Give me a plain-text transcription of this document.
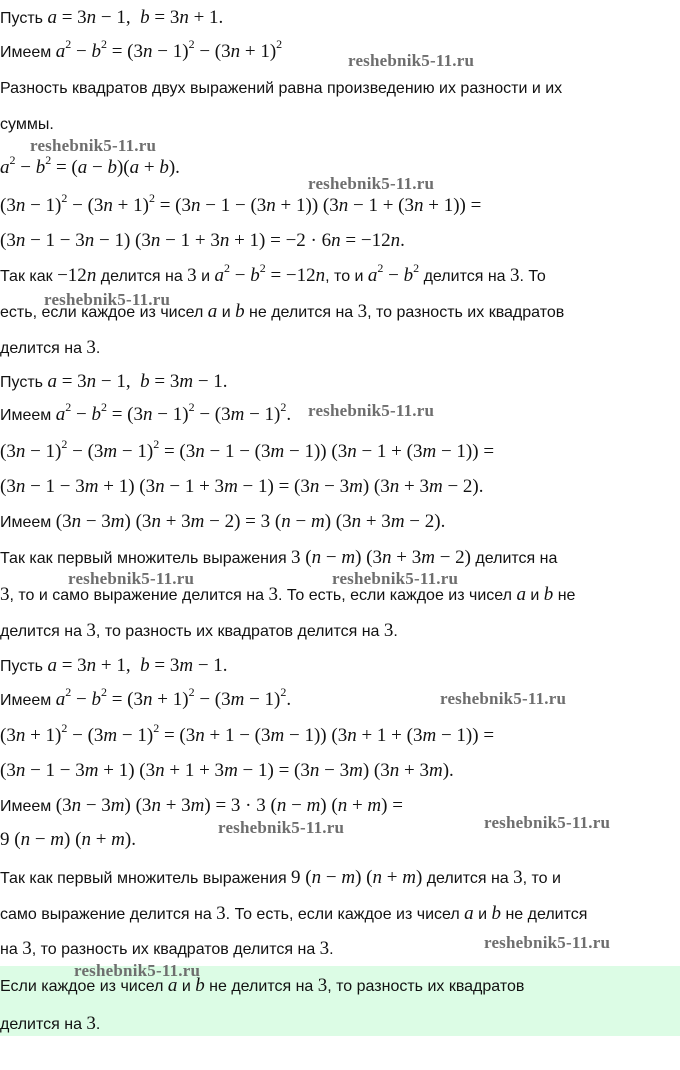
Пусть a = 3n − 1,  b = 3n + 1.
Имеем $a^2 - b^2 = (3n - 1)^2 - (3n + 1)^2$
Разность квадратов двух выражений равна произведению их разности и их
суммы.
$a^2 - b^2 = (a - b)(a + b)$.
$(3n - 1)^2 - (3n + 1)^2 = (3n - 1 - (3n + 1))$ (3n − 1 + (3n + 1)) =
(3n − 1 − 3n − 1) (3n − 1 + 3n + 1) = −2 · 6n = −12n.
Так как −12n делится на 3 и $a^2 - b^2 = -12n$, то и $a^2 - b^2$ делится на 3. То
есть, если каждое из чисел a и b не делится на 3, то разность их квадратов
делится на 3.
Пусть a = 3n − 1,  b = 3m − 1.
Имеем $a^2 - b^2 = (3n - 1)^2 - (3m - 1)^2$.
$(3n - 1)^2 - (3m - 1)^2 = (3n - 1 - (3m - 1))$ (3n − 1 + (3m − 1)) =
(3n − 1 − 3m + 1) (3n − 1 + 3m − 1) = (3n − 3m) (3n + 3m − 2).
Имеем (3n − 3m) (3n + 3m − 2) = 3 (n − m) (3n + 3m − 2).
Так как первый множитель выражения 3 (n − m) (3n + 3m − 2) делится на
3, то и само выражение делится на 3. То есть, если каждое из чисел a и b не
делится на 3, то разность их квадратов делится на 3.
Пусть a = 3n + 1,  b = 3m − 1.
Имеем $a^2 - b^2 = (3n + 1)^2 - (3m - 1)^2$.
$(3n + 1)^2 - (3m - 1)^2 = (3n + 1 - (3m - 1))$ (3n + 1 + (3m − 1)) =
(3n − 1 − 3m + 1) (3n + 1 + 3m − 1) = (3n − 3m) (3n + 3m).
Имеем (3n − 3m) (3n + 3m) = 3 · 3 (n − m) (n + m) =
9 (n − m) (n + m).
Так как первый множитель выражения 9 (n − m) (n + m) делится на 3, то и
само выражение делится на 3. То есть, если каждое из чисел a и b не делится
на 3, то разность их квадратов делится на 3.
Если каждое из чисел a и b не делится на 3, то разность их квадратов
делится на 3.
reshebnik5-11.ru
reshebnik5-11.ru
reshebnik5-11.ru
reshebnik5-11.ru
reshebnik5-11.ru
reshebnik5-11.ru	reshebnik5-11.ru
reshebnik5-11.ru
reshebnik5-11.ru
reshebnik5-11.ru
reshebnik5-11.ru
reshebnik5-11.ru
